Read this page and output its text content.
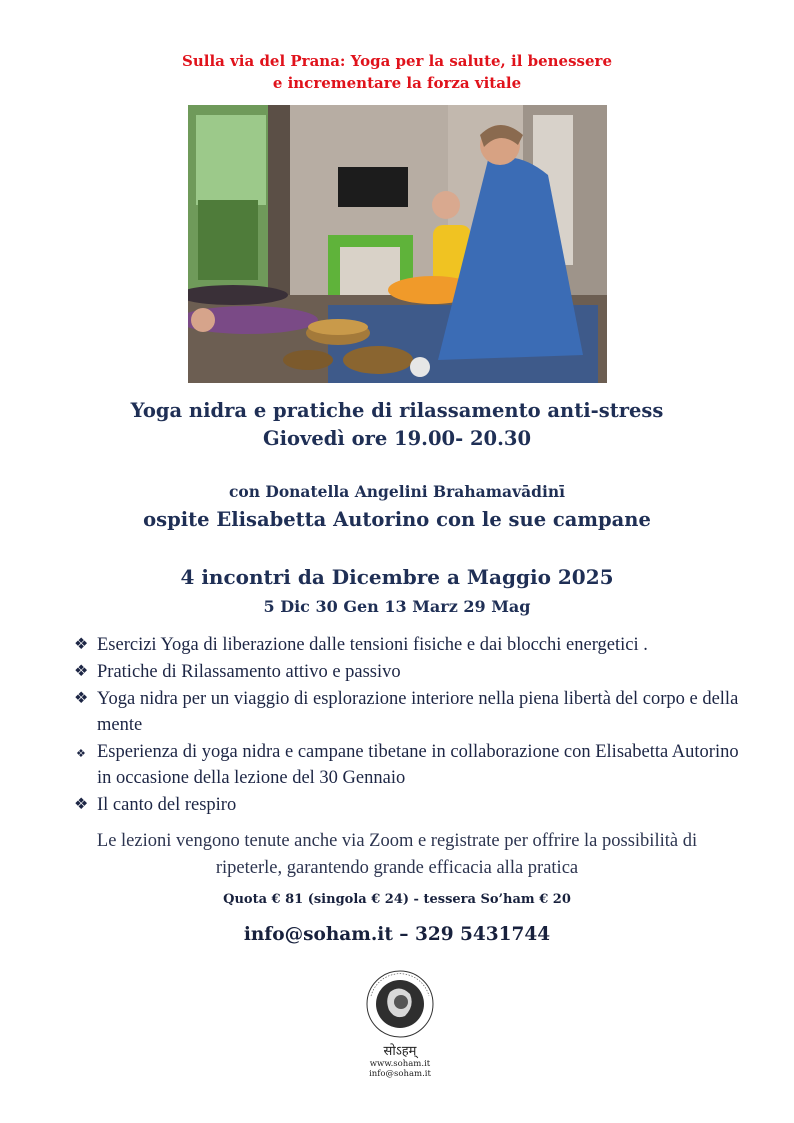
Sulla via del Prana: Yoga per la salute, il benessere
e incrementare la forza vitale
Yoga nidra e pratiche di rilassamento anti-stress
Giovedì ore 19.00- 20.30
con Donatella Angelini Brahamavādinī
ospite Elisabetta Autorino con le sue campane
4 incontri da Dicembre a Maggio 2025
5 Dic 30 Gen 13 Marz 29 Mag
❖ Esercizi Yoga di liberazione dalle tensioni fisiche e dai blocchi energetici .
❖ Pratiche di Rilassamento attivo e passivo
❖ Yoga nidra per un viaggio di esplorazione interiore nella piena libertà del corpo e della mente
❖ Esperienza di yoga nidra e campane tibetane in collaborazione con Elisabetta Autorino in occasione della lezione del 30 Gennaio
❖ Il canto del respiro
Le lezioni vengono tenute anche via Zoom e registrate per offrire la possibilità di
ripeterle, garantendo grande efficacia alla pratica
Quota € 81 (singola € 24) - tessera So’ham € 20
info@soham.it – 329 5431744
सोऽहम्
www.soham.it
info@soham.it
